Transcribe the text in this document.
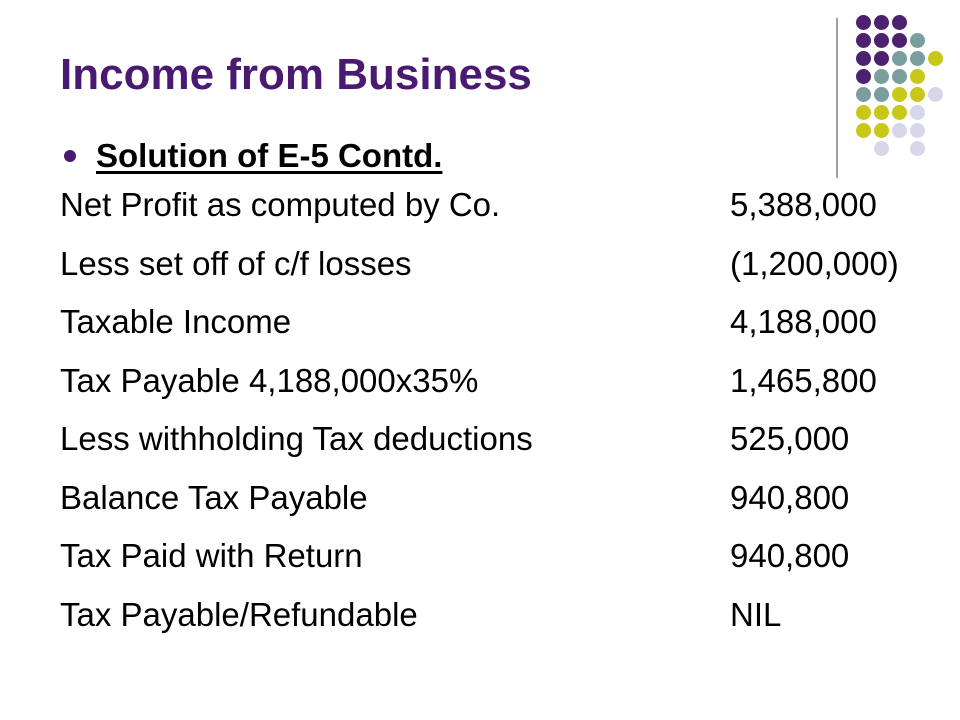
Income from Business
Solution of E-5 Contd.
Net Profit as computed by Co.	5,388,000
Less set off of c/f losses	(1,200,000)
Taxable Income	4,188,000
Tax Payable 4,188,000x35%	1,465,800
Less withholding Tax deductions	525,000
Balance Tax Payable	940,800
Tax Paid with Return	940,800
Tax Payable/Refundable	NIL
